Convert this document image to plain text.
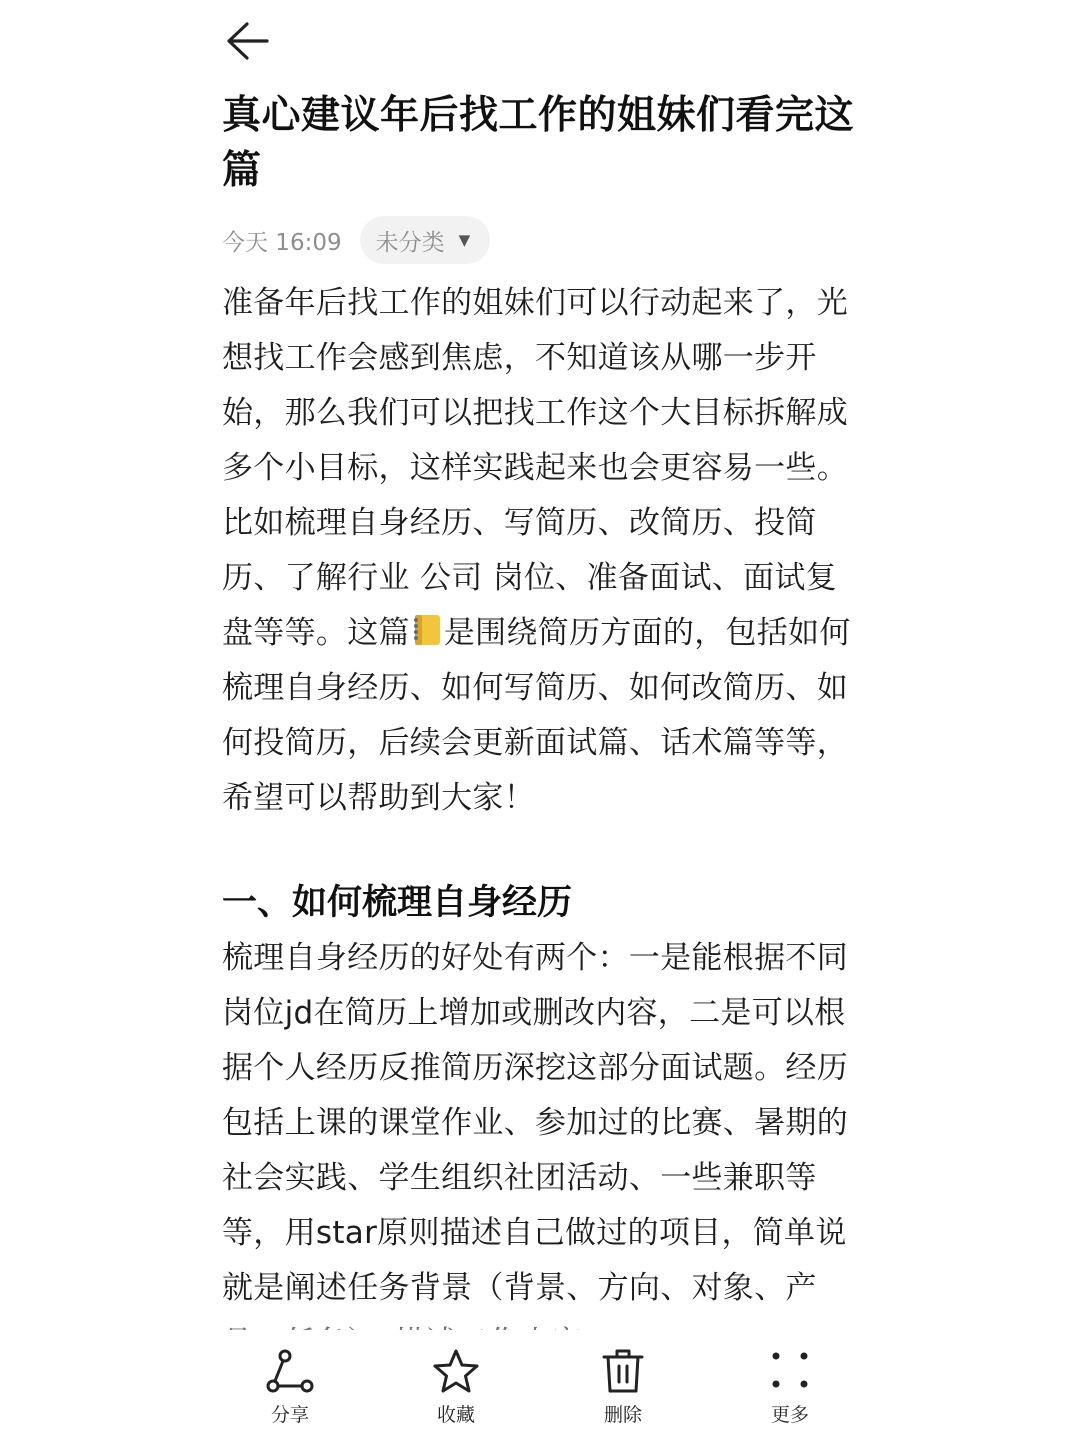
真心建议年后找工作的姐妹们看完这篇
今天 16:09 未分类 ▼

准备年后找工作的姐妹们可以行动起来了，光想找工作会感到焦虑，不知道该从哪一步开始，那么我们可以把找工作这个大目标拆解成多个小目标，这样实践起来也会更容易一些。比如梳理自身经历、写简历、改简历、投简历、了解行业 公司 岗位、准备面试、面试复盘等等。这篇 是围绕简历方面的，包括如何梳理自身经历、如何写简历、如何改简历、如何投简历，后续会更新面试篇、话术篇等等，希望可以帮助到大家！

一、如何梳理自身经历

梳理自身经历的好处有两个：一是能根据不同岗位jd在简历上增加或删改内容，二是可以根据个人经历反推简历深挖这部分面试题。经历包括上课的课堂作业、参加过的比赛、暑期的社会实践、学生组织社团活动、一些兼职等等，用star原则描述自己做过的项目，简单说就是阐述任务背景（背景、方向、对象、产

分享	收藏	删除	更多
